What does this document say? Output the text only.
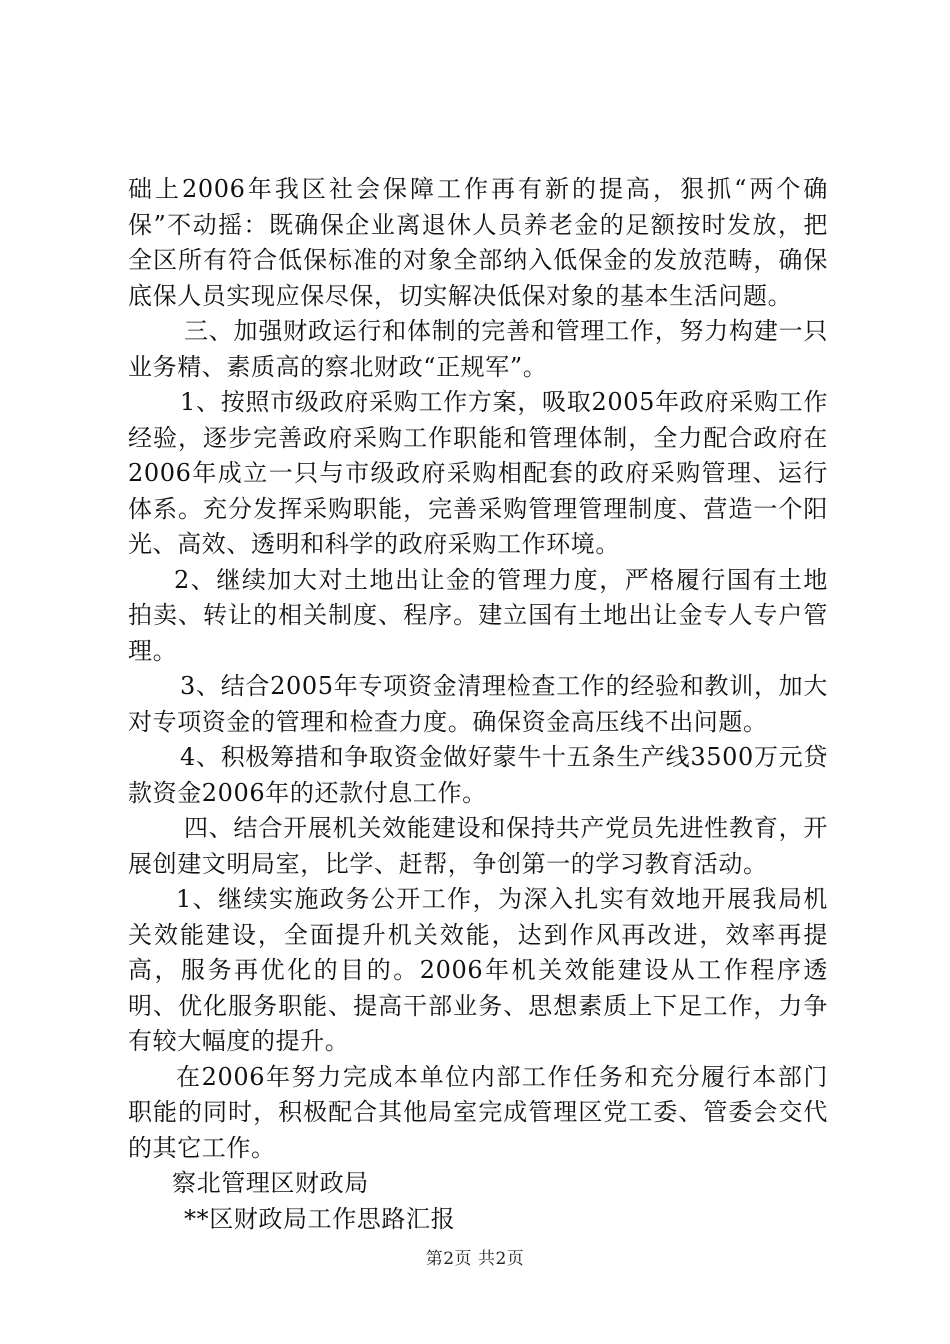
础上2006年我区社会保障工作再有新的提高，狠抓“两个确保”不动摇：既确保企业离退休人员养老金的足额按时发放，把全区所有符合低保标准的对象全部纳入低保金的发放范畴，确保底保人员实现应保尽保，切实解决低保对象的基本生活问题。

三、加强财政运行和体制的完善和管理工作，努力构建一只业务精、素质高的察北财政“正规军”。

1、按照市级政府采购工作方案，吸取2005年政府采购工作经验，逐步完善政府采购工作职能和管理体制，全力配合政府在2006年成立一只与市级政府采购相配套的政府采购管理、运行体系。充分发挥采购职能，完善采购管理管理制度、营造一个阳光、高效、透明和科学的政府采购工作环境。

2、继续加大对土地出让金的管理力度，严格履行国有土地拍卖、转让的相关制度、程序。建立国有土地出让金专人专户管理。

3、结合2005年专项资金清理检查工作的经验和教训，加大对专项资金的管理和检查力度。确保资金高压线不出问题。

4、积极筹措和争取资金做好蒙牛十五条生产线3500万元贷款资金2006年的还款付息工作。

四、结合开展机关效能建设和保持共产党员先进性教育，开展创建文明局室，比学、赶帮，争创第一的学习教育活动。

1、继续实施政务公开工作，为深入扎实有效地开展我局机关效能建设，全面提升机关效能，达到作风再改进，效率再提高，服务再优化的目的。2006年机关效能建设从工作程序透明、优化服务职能、提高干部业务、思想素质上下足工作，力争有较大幅度的提升。

在2006年努力完成本单位内部工作任务和充分履行本部门职能的同时，积极配合其他局室完成管理区党工委、管委会交代的其它工作。

察北管理区财政局

**区财政局工作思路汇报

第2页 共2页
